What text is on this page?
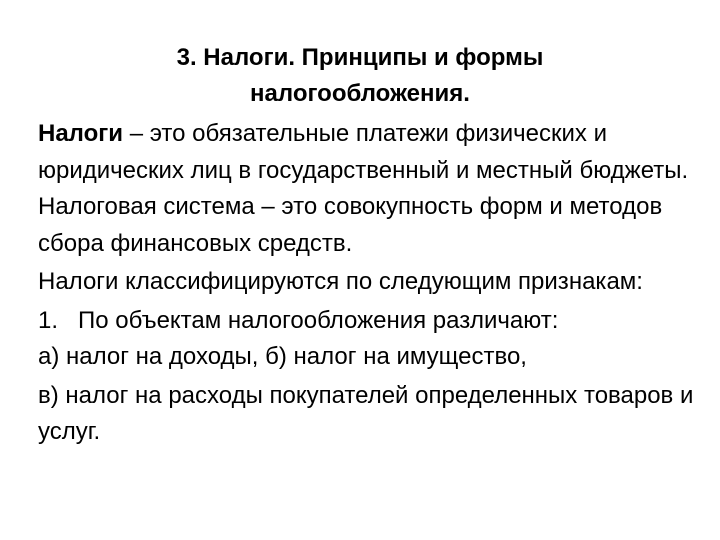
3. Налоги. Принципы и формы
налогообложения.

Налоги – это обязательные платежи физических и юридических лиц в государственный и местный бюджеты. Налоговая система – это совокупность форм и методов сбора финансовых средств.

Налоги классифицируются по следующим признакам:

1. По объектам налогообложения различают:

а) налог на доходы, б) налог на имущество,

в) налог на расходы покупателей определенных товаров и услуг.
